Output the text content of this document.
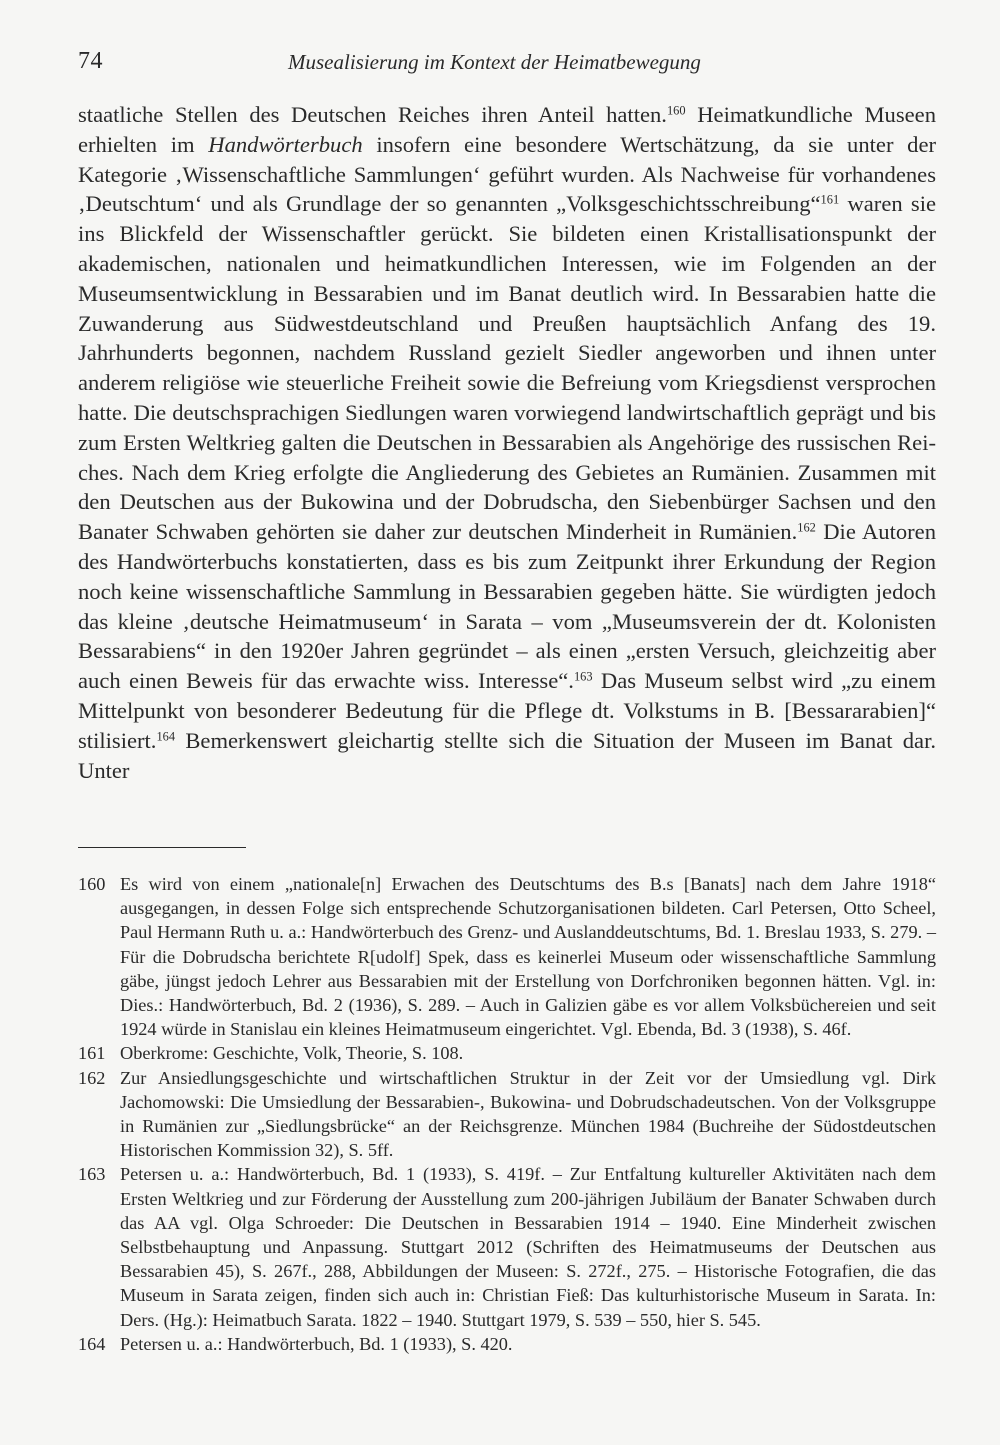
74	Musealisierung im Kontext der Heimatbewegung

staatliche Stellen des Deutschen Reiches ihren Anteil hatten.$^{160}$ Heimatkundliche Museen erhielten im Handwörterbuch insofern eine besondere Wertschätzung, da sie unter der Kategorie ‚Wissenschaftliche Sammlungen‘ geführt wurden. Als Nachweise für vorhandenes ‚Deutschtum‘ und als Grundlage der so genannten „Volksgeschichtsschreibung“$^{161}$ waren sie ins Blickfeld der Wissenschaftler gerückt. Sie bildeten einen Kristallisationspunkt der akademischen, nationalen und heimatkundlichen Interessen, wie im Folgenden an der Museumsentwicklung in Bessarabien und im Banat deutlich wird. In Bessarabien hatte die Zuwanderung aus Südwestdeutschland und Preußen hauptsächlich Anfang des 19. Jahrhunderts begonnen, nachdem Russland gezielt Siedler angeworben und ihnen unter anderem religiöse wie steuerliche Freiheit sowie die Befreiung vom Kriegsdienst versprochen hatte. Die deutschsprachigen Siedlungen waren vorwiegend landwirtschaftlich geprägt und bis zum Ersten Weltkrieg galten die Deutschen in Bessarabien als Angehörige des russischen Reiches. Nach dem Krieg erfolgte die Angliederung des Gebietes an Rumänien. Zusammen mit den Deutschen aus der Bukowina und der Dobrudscha, den Siebenbürger Sachsen und den Banater Schwaben gehörten sie daher zur deutschen Minderheit in Rumänien.$^{162}$ Die Autoren des Handwörterbuchs konstatierten, dass es bis zum Zeitpunkt ihrer Erkundung der Region noch keine wissenschaftliche Sammlung in Bessarabien gegeben hätte. Sie würdigten jedoch das kleine ‚deutsche Heimatmuseum‘ in Sarata – vom „Museumsverein der dt. Kolonisten Bessarabiens“ in den 1920er Jahren gegründet – als einen „ersten Versuch, gleichzeitig aber auch einen Beweis für das erwachte wiss. Interesse“.$^{163}$ Das Museum selbst wird „zu einem Mittelpunkt von besonderer Bedeutung für die Pflege dt. Volkstums in B. [Bessararabien]“ stilisiert.$^{164}$ Bemerkenswert gleichartig stellte sich die Situation der Museen im Banat dar. Unter

160 Es wird von einem „nationale[n] Erwachen des Deutschtums des B.s [Banats] nach dem Jahre 1918“ ausgegangen, in dessen Folge sich entsprechende Schutzorganisationen bildeten. Carl Petersen, Otto Scheel, Paul Hermann Ruth u. a.: Handwörterbuch des Grenz- und Auslanddeutschtums, Bd. 1. Breslau 1933, S. 279. – Für die Dobrudscha berichtete R[udolf] Spek, dass es keinerlei Museum oder wissenschaftliche Sammlung gäbe, jüngst jedoch Lehrer aus Bessarabien mit der Erstellung von Dorfchroniken begonnen hätten. Vgl. in: Dies.: Handwörterbuch, Bd. 2 (1936), S. 289. – Auch in Galizien gäbe es vor allem Volksbüchereien und seit 1924 würde in Stanislau ein kleines Heimatmuseum eingerichtet. Vgl. Ebenda, Bd. 3 (1938), S. 46f.

161 Oberkrome: Geschichte, Volk, Theorie, S. 108.

162 Zur Ansiedlungsgeschichte und wirtschaftlichen Struktur in der Zeit vor der Umsiedlung vgl. Dirk Jachomowski: Die Umsiedlung der Bessarabien-, Bukowina- und Dobrudschadeutschen. Von der Volksgruppe in Rumänien zur „Siedlungsbrücke“ an der Reichsgrenze. München 1984 (Buchreihe der Südostdeutschen Historischen Kommission 32), S. 5ff.

163 Petersen u. a.: Handwörterbuch, Bd. 1 (1933), S. 419f. – Zur Entfaltung kultureller Aktivitäten nach dem Ersten Weltkrieg und zur Förderung der Ausstellung zum 200-jährigen Jubiläum der Banater Schwaben durch das AA vgl. Olga Schroeder: Die Deutschen in Bessarabien 1914 – 1940. Eine Minderheit zwischen Selbstbehauptung und Anpassung. Stuttgart 2012 (Schriften des Heimatmuseums der Deutschen aus Bessarabien 45), S. 267f., 288, Abbildungen der Museen: S. 272f., 275. – Historische Fotografien, die das Museum in Sarata zeigen, finden sich auch in: Christian Fieß: Das kulturhistorische Museum in Sarata. In: Ders. (Hg.): Heimatbuch Sarata. 1822 – 1940. Stuttgart 1979, S. 539 – 550, hier S. 545.

164 Petersen u. a.: Handwörterbuch, Bd. 1 (1933), S. 420.
